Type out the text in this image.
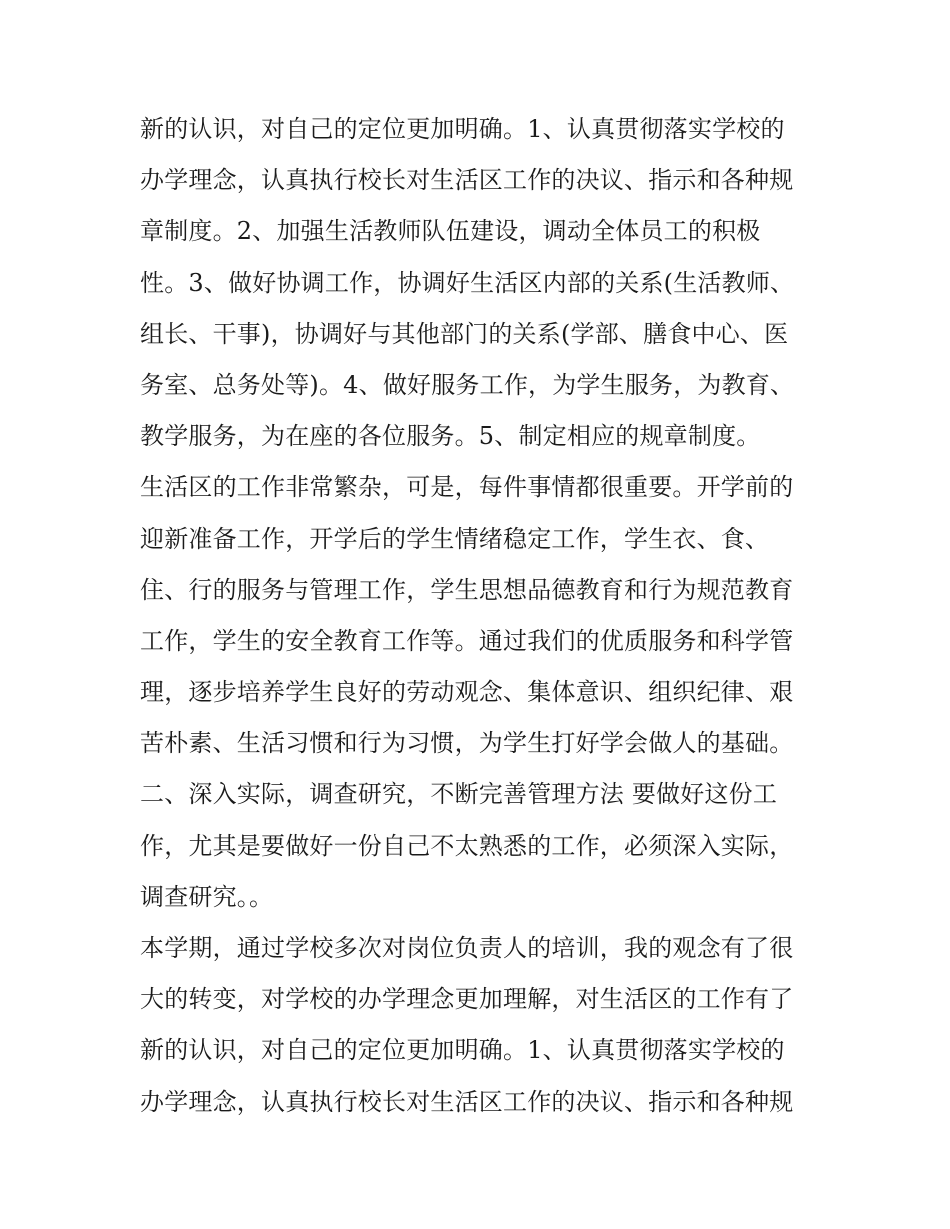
新的认识，对自己的定位更加明确。1、认真贯彻落实学校的
办学理念，认真执行校长对生活区工作的决议、指示和各种规
章制度。2、加强生活教师队伍建设，调动全体员工的积极
性。3、做好协调工作，协调好生活区内部的关系(生活教师、
组长、干事)，协调好与其他部门的关系(学部、膳食中心、医
务室、总务处等)。4、做好服务工作，为学生服务，为教育、
教学服务，为在座的各位服务。5、制定相应的规章制度。
生活区的工作非常繁杂，可是，每件事情都很重要。开学前的
迎新准备工作，开学后的学生情绪稳定工作，学生衣、食、
住、行的服务与管理工作，学生思想品德教育和行为规范教育
工作，学生的安全教育工作等。通过我们的优质服务和科学管
理，逐步培养学生良好的劳动观念、集体意识、组织纪律、艰
苦朴素、生活习惯和行为习惯，为学生打好学会做人的基础。
二、深入实际，调查研究，不断完善管理方法 要做好这份工
作，尤其是要做好一份自己不太熟悉的工作，必须深入实际，
调查研究。。
本学期，通过学校多次对岗位负责人的培训，我的观念有了很
大的转变，对学校的办学理念更加理解，对生活区的工作有了
新的认识，对自己的定位更加明确。1、认真贯彻落实学校的
办学理念，认真执行校长对生活区工作的决议、指示和各种规
